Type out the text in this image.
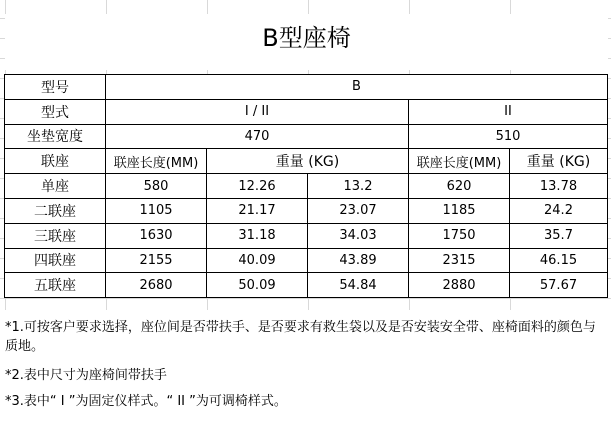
B型座椅
型号	B				
型式	I / II			II	
坐垫宽度	470			510	
联座	联座长度(MM)	重量 (KG)		联座长度(MM)	重量 (KG)
单座	580	12.26	13.2	620	13.78
二联座	1105	21.17	23.07	1185	24.2
三联座	1630	31.18	34.03	1750	35.7
四联座	2155	40.09	43.89	2315	46.15
五联座	2680	50.09	54.84	2880	57.67
*1.可按客户要求选择，座位间是否带扶手、是否要求有救生袋以及是否安装安全带、座椅面料的颜色与质地。
*2.表中尺寸为座椅间带扶手
*3.表中“ I ”为固定仪样式。“ II ”为可调椅样式。
